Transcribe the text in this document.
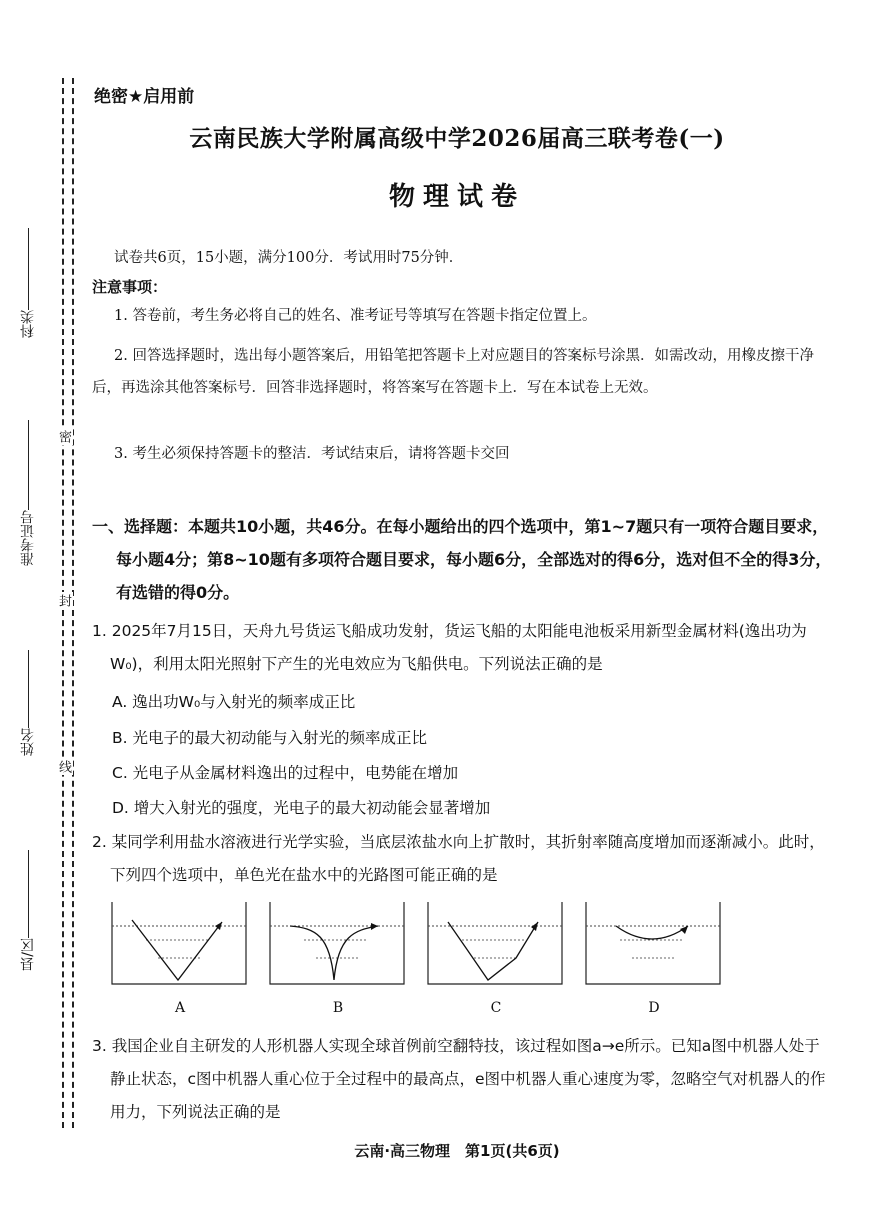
科类
准考证号
姓名
县/区
密
封
线
绝密★启用前
云南民族大学附属高级中学2026届高三联考卷(一)
物理试卷
试卷共6页，15小题，满分100分．考试用时75分钟．
注意事项：
1. 答卷前，考生务必将自己的姓名、准考证号等填写在答题卡指定位置上。
2. 回答选择题时，选出每小题答案后，用铅笔把答题卡上对应题目的答案标号涂黑．如需改动，用橡皮擦干净后，再选涂其他答案标号．回答非选择题时，将答案写在答题卡上．写在本试卷上无效。
3. 考生必须保持答题卡的整洁．考试结束后，请将答题卡交回
一、选择题：本题共10小题，共46分。在每小题给出的四个选项中，第1~7题只有一项符合题目要求，每小题4分；第8~10题有多项符合题目要求，每小题6分，全部选对的得6分，选对但不全的得3分，有选错的得0分。
1. 2025年7月15日，天舟九号货运飞船成功发射，货运飞船的太阳能电池板采用新型金属材料(逸出功为W₀)，利用太阳光照射下产生的光电效应为飞船供电。下列说法正确的是
A. 逸出功W₀与入射光的频率成正比
B. 光电子的最大初动能与入射光的频率成正比
C. 光电子从金属材料逸出的过程中，电势能在增加
D. 增大入射光的强度，光电子的最大初动能会显著增加
2. 某同学利用盐水溶液进行光学实验，当底层浓盐水向上扩散时，其折射率随高度增加而逐渐减小。此时，下列四个选项中，单色光在盐水中的光路图可能正确的是
A	B	C	D
3. 我国企业自主研发的人形机器人实现全球首例前空翻特技，该过程如图a→e所示。已知a图中机器人处于静止状态，c图中机器人重心位于全过程中的最高点，e图中机器人重心速度为零，忽略空气对机器人的作用力，下列说法正确的是
云南·高三物理　第1页(共6页)
